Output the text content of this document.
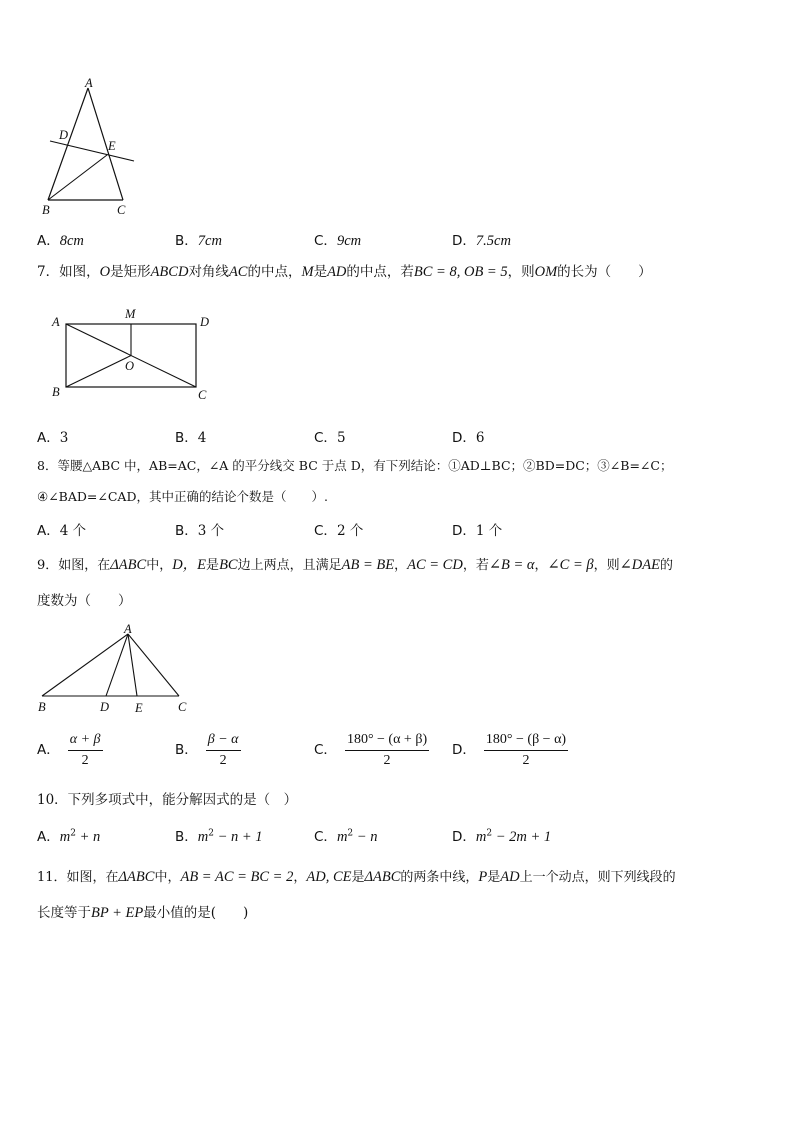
A
D
E
B	C
A．8cm	B．7cm	C．9cm	D．7.5cm
7．如图，O是矩形ABCD对角线AC的中点，M是AD的中点，若BC = 8, OB = 5，则OM的长为（　　）
A
M
D
O
B	C
A．3	B．4	C．5	D．6
8．等腰△ABC 中，AB=AC，∠A 的平分线交 BC 于点 D，有下列结论：①AD⊥BC；②BD=DC；③∠B=∠C；
④∠BAD=∠CAD，其中正确的结论个数是（　　）.
A．4 个	B．3 个	C．2 个	D．1 个
9．如图，在ΔABC中，D，E是BC边上两点，且满足AB = BE，AC = CD，若∠B = α，∠C = β，则∠DAE的
度数为（　　）
A
B	D E	C
A． $\frac{\alpha + \beta}{2}$	B． $\frac{\beta - \alpha}{2}$	C． $\frac{180^\circ - (\alpha + \beta)}{2}$ D． $\frac{180^\circ - (\beta - \alpha)}{2}$
10．下列多项式中，能分解因式的是（　）
A．$m^2 + n$	B．$m^2 - n + 1$	C．$m^2 - n$	D．$m^2 - 2m + 1$
11．如图，在ΔABC中，AB = AC = BC = 2，AD, CE是ΔABC的两条中线，P是AD上一个动点，则下列线段的
长度等于BP + EP最小值的是(　　)
